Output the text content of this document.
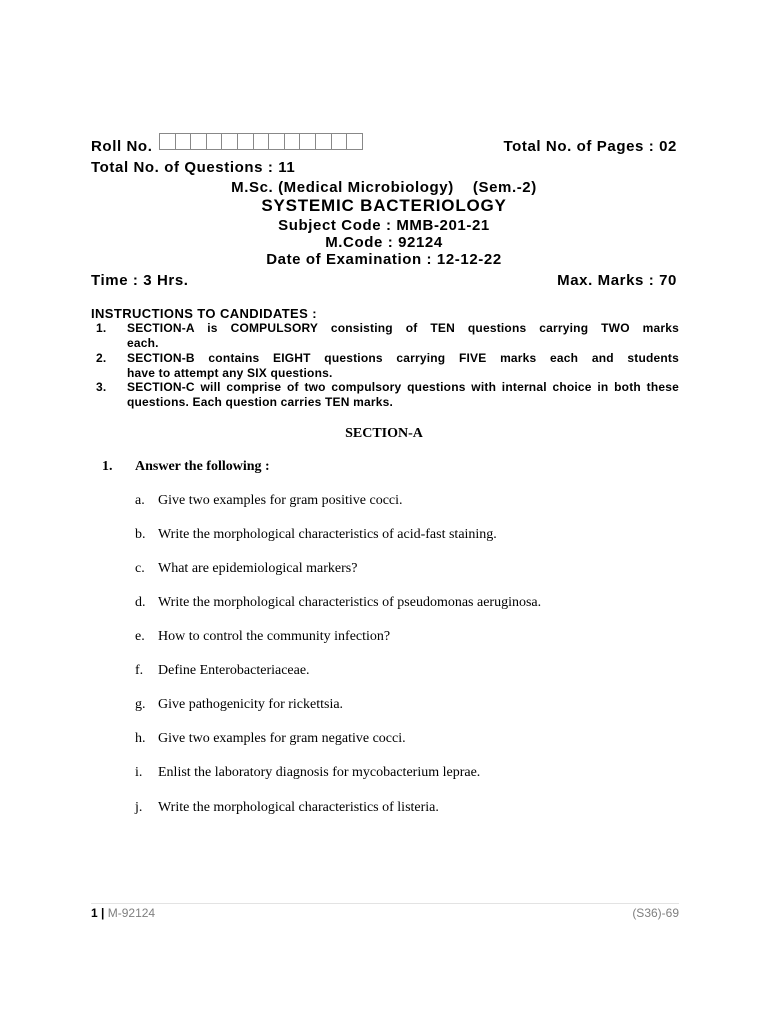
Roll No.	Total No. of Pages : 02
Total No. of Questions : 11
M.Sc. (Medical Microbiology)    (Sem.-2)
SYSTEMIC BACTERIOLOGY
Subject Code : MMB-201-21
M.Code : 92124
Date of Examination : 12-12-22
Time : 3 Hrs.	Max. Marks : 70
INSTRUCTIONS TO CANDIDATES :
1. SECTION-A is COMPULSORY consisting of TEN questions carrying TWO marks
each.
2. SECTION-B contains EIGHT questions carrying FIVE marks each and students
have to attempt any SIX questions.
3. SECTION-C will comprise of two compulsory questions with internal choice in both these
questions. Each question carries TEN marks.
SECTION-A
1. Answer the following :
a. Give two examples for gram positive cocci.
b. Write the morphological characteristics of acid-fast staining.
c. What are epidemiological markers?
d. Write the morphological characteristics of pseudomonas aeruginosa.
e. How to control the community infection?
f.	Define Enterobacteriaceae.
g. Give pathogenicity for rickettsia.
h. Give two examples for gram negative cocci.
i.	Enlist the laboratory diagnosis for mycobacterium leprae.
j.	Write the morphological characteristics of listeria.
1 | M-92124	(S36)-69
